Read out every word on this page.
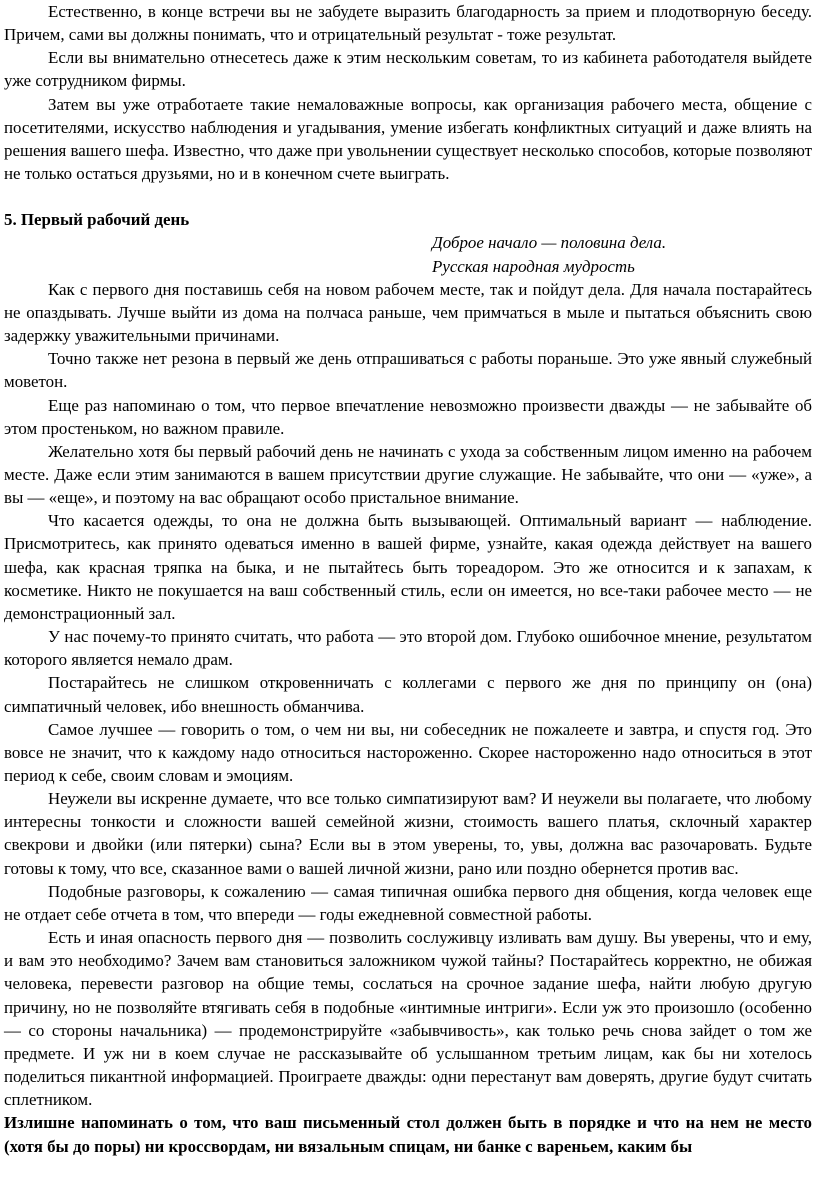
Естественно, в конце встречи вы не забудете выразить благодарность за прием и плодотворную беседу. Причем, сами вы должны понимать, что и отрицательный результат - тоже результат.

Если вы внимательно отнесетесь даже к этим нескольким советам, то из кабинета работодателя выйдете уже сотрудником фирмы.

Затем вы уже отработаете такие немаловажные вопросы, как организация рабочего места, общение с посетителями, искусство наблюдения и угадывания, умение избегать конфликтных ситуаций и даже влиять на решения вашего шефа. Известно, что даже при увольнении существует несколько способов, которые позволяют не только остаться друзьями, но и в конечном счете выиграть.

5. Первый рабочий день
Доброе начало — половина дела.
Русская народная мудрость

Как с первого дня поставишь себя на новом рабочем месте, так и пойдут дела. Для начала постарайтесь не опаздывать. Лучше выйти из дома на полчаса раньше, чем примчаться в мыле и пытаться объяснить свою задержку уважительными причинами.

Точно также нет резона в первый же день отпрашиваться с работы пораньше. Это уже явный служебный моветон.

Еще раз напоминаю о том, что первое впечатление невозможно произвести дважды — не забывайте об этом простеньком, но важном правиле.

Желательно хотя бы первый рабочий день не начинать с ухода за собственным лицом именно на рабочем месте. Даже если этим занимаются в вашем присутствии другие служащие. Не забывайте, что они — «уже», а вы — «еще», и поэтому на вас обращают особо пристальное внимание.

Что касается одежды, то она не должна быть вызывающей. Оптимальный вариант — наблюдение. Присмотритесь, как принято одеваться именно в вашей фирме, узнайте, какая одежда действует на вашего шефа, как красная тряпка на быка, и не пытайтесь быть тореадором. Это же относится и к запахам, к косметике. Никто не покушается на ваш собственный стиль, если он имеется, но все-таки рабочее место — не демонстрационный зал.

У нас почему-то принято считать, что работа — это второй дом. Глубоко ошибочное мнение, результатом которого является немало драм.

Постарайтесь не слишком откровенничать с коллегами с первого же дня по принципу он (она) симпатичный человек, ибо внешность обманчива.

Самое лучшее — говорить о том, о чем ни вы, ни собеседник не пожалеете и завтра, и спустя год. Это вовсе не значит, что к каждому надо относиться настороженно. Скорее настороженно надо относиться в этот период к себе, своим словам и эмоциям.

Неужели вы искренне думаете, что все только симпатизируют вам? И неужели вы полагаете, что любому интересны тонкости и сложности вашей семейной жизни, стоимость вашего платья, склочный характер свекрови и двойки (или пятерки) сына? Если вы в этом уверены, то, увы, должна вас разочаровать. Будьте готовы к тому, что все, сказанное вами о вашей личной жизни, рано или поздно обернется против вас.

Подобные разговоры, к сожалению — самая типичная ошибка первого дня общения, когда человек еще не отдает себе отчета в том, что впереди — годы ежедневной совместной работы.

Есть и иная опасность первого дня — позволить сослуживцу изливать вам душу. Вы уверены, что и ему, и вам это необходимо? Зачем вам становиться заложником чужой тайны? Постарайтесь корректно, не обижая человека, перевести разговор на общие темы, сослаться на срочное задание шефа, найти любую другую причину, но не позволяйте втягивать себя в подобные «интимные интриги». Если уж это произошло (особенно — со стороны начальника) — продемонстрируйте «забывчивость», как только речь снова зайдет о том же предмете. И уж ни в коем случае не рассказывайте об услышанном третьим лицам, как бы ни хотелось поделиться пикантной информацией. Проиграете дважды: одни перестанут вам доверять, другие будут считать сплетником.

Излишне напоминать о том, что ваш письменный стол должен быть в порядке и что на нем не место (хотя бы до поры) ни кроссвордам, ни вязальным спицам, ни банке с вареньем, каким бы
